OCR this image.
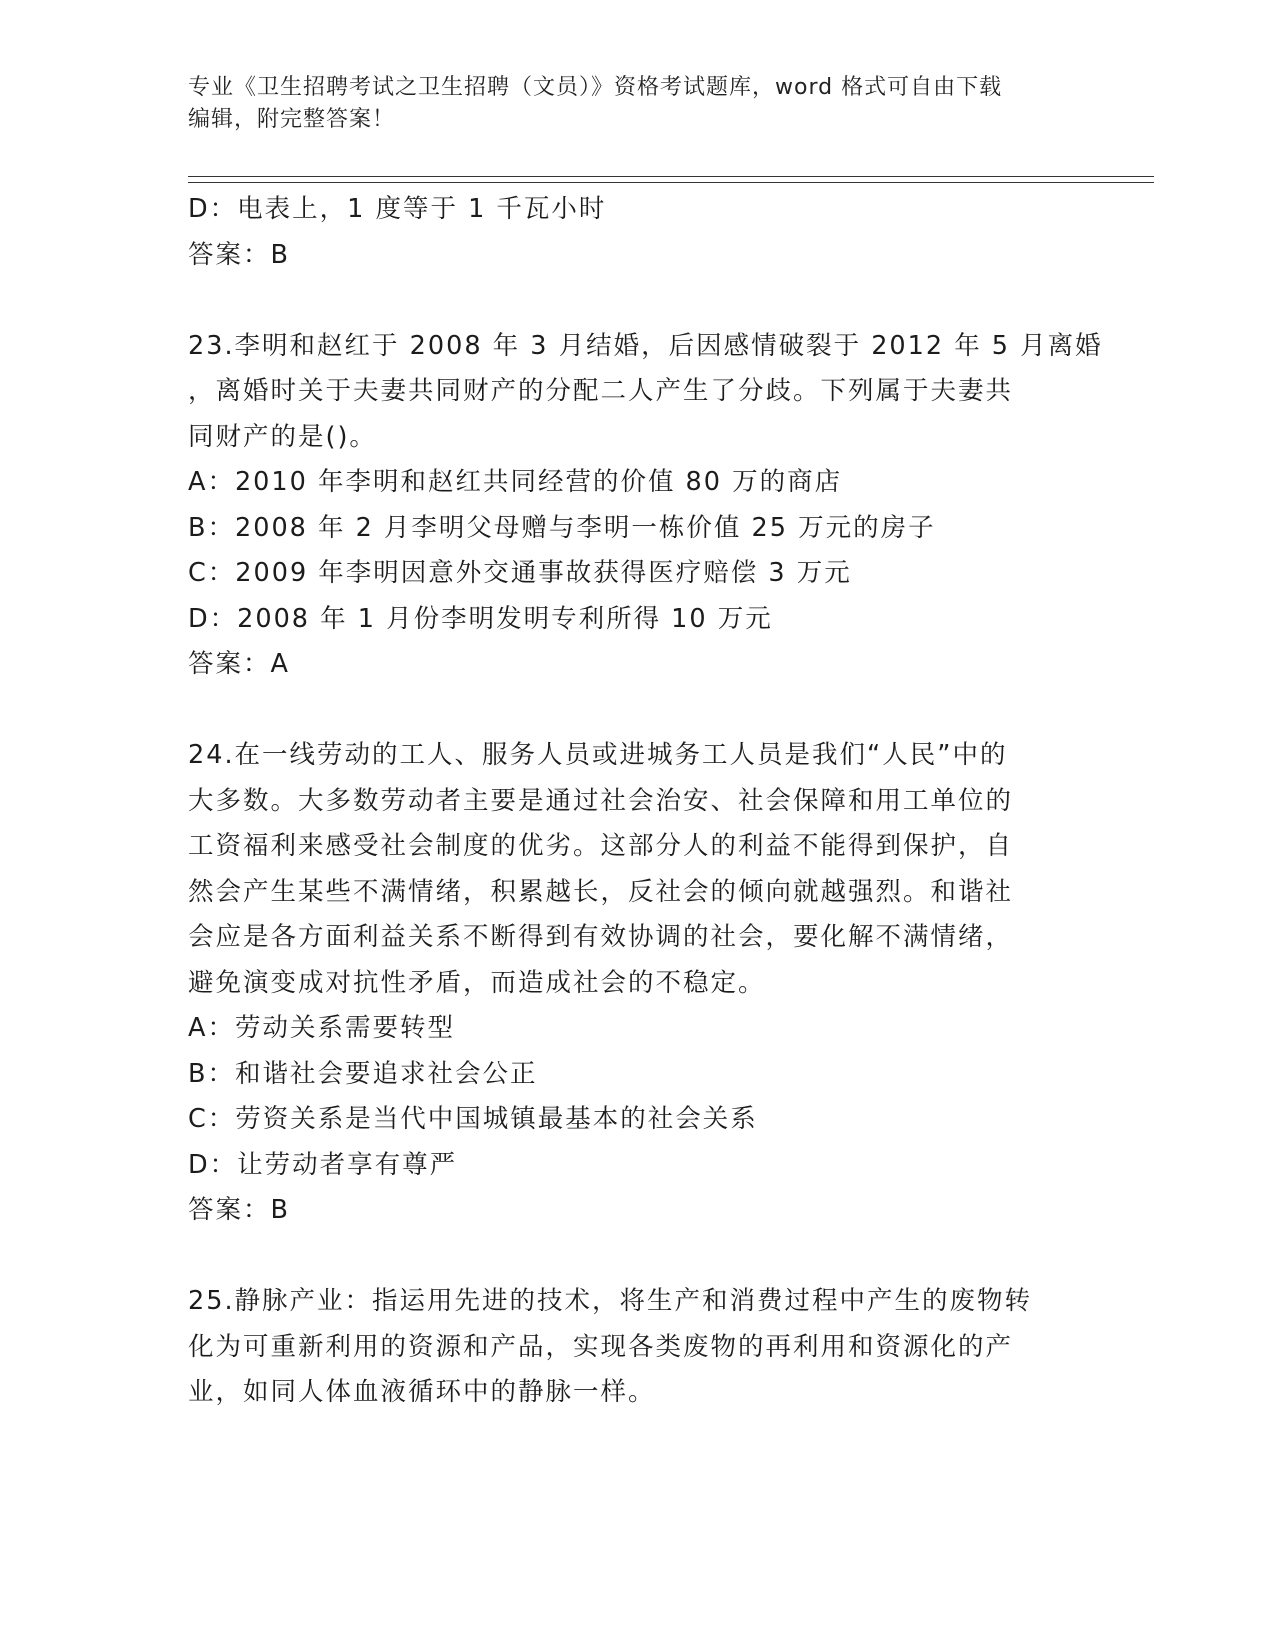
专业《卫生招聘考试之卫生招聘（文员）》资格考试题库，word 格式可自由下载
编辑，附完整答案！
D：电表上，1 度等于 1 千瓦小时
答案：B
23.李明和赵红于 2008 年 3 月结婚，后因感情破裂于 2012 年 5 月离婚
，离婚时关于夫妻共同财产的分配二人产生了分歧。下列属于夫妻共
同财产的是()。
A：2010 年李明和赵红共同经营的价值 80 万的商店
B：2008 年 2 月李明父母赠与李明一栋价值 25 万元的房子
C：2009 年李明因意外交通事故获得医疗赔偿 3 万元
D：2008 年 1 月份李明发明专利所得 10 万元
答案：A
24.在一线劳动的工人、服务人员或进城务工人员是我们“人民”中的
大多数。大多数劳动者主要是通过社会治安、社会保障和用工单位的
工资福利来感受社会制度的优劣。这部分人的利益不能得到保护，自
然会产生某些不满情绪，积累越长，反社会的倾向就越强烈。和谐社
会应是各方面利益关系不断得到有效协调的社会，要化解不满情绪，
避免演变成对抗性矛盾，而造成社会的不稳定。
A：劳动关系需要转型
B：和谐社会要追求社会公正
C：劳资关系是当代中国城镇最基本的社会关系
D：让劳动者享有尊严
答案：B
25.静脉产业：指运用先进的技术，将生产和消费过程中产生的废物转
化为可重新利用的资源和产品，实现各类废物的再利用和资源化的产
业，如同人体血液循环中的静脉一样。
